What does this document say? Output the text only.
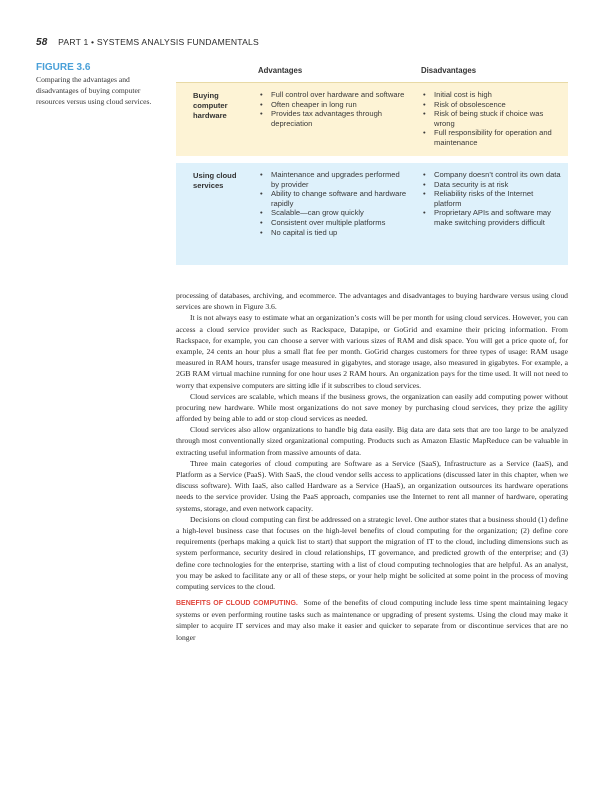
58 PART 1 • SYSTEMS ANALYSIS FUNDAMENTALS
FIGURE 3.6
Comparing the advantages and disadvantages of buying computer resources versus using cloud services.
Advantages	Disadvantages
Buying
computer
hardware
• Full control over hardware and software
• Often cheaper in long run
• Provides tax advantages through depreciation
• Initial cost is high
• Risk of obsolescence
• Risk of being stuck if choice was wrong
• Full responsibility for operation and maintenance
Using cloud
services
• Maintenance and upgrades performed by provider
• Ability to change software and hardware rapidly
• Scalable—can grow quickly
• Consistent over multiple platforms
• No capital is tied up
• Company doesn’t control its own data
• Data security is at risk
• Reliability risks of the Internet platform
• Proprietary APIs and software may make switching providers difficult

processing of databases, archiving, and ecommerce. The advantages and disadvantages to buying hardware versus using cloud services are shown in Figure 3.6.

It is not always easy to estimate what an organization’s costs will be per month for using cloud services. However, you can access a cloud service provider such as Rackspace, Datapipe, or GoGrid and examine their pricing information. From Rackspace, for example, you can choose a server with various sizes of RAM and disk space. You will get a price quote of, for example, 24 cents an hour plus a small flat fee per month. GoGrid charges customers for three types of usage: RAM usage measured in RAM hours, transfer usage measured in gigabytes, and storage usage, also measured in gigabytes. For example, a 2GB RAM virtual machine running for one hour uses 2 RAM hours. An organization pays for the time used. It will not need to worry that expensive computers are sitting idle if it subscribes to cloud services.

Cloud services are scalable, which means if the business grows, the organization can easily add computing power without procuring new hardware. While most organizations do not save money by purchasing cloud services, they prize the agility afforded by being able to add or stop cloud services as needed.

Cloud services also allow organizations to handle big data easily. Big data are data sets that are too large to be analyzed through most conventionally sized organizational computing. Products such as Amazon Elastic MapReduce can be valuable in extracting useful information from massive amounts of data.

Three main categories of cloud computing are Software as a Service (SaaS), Infrastructure as a Service (IaaS), and Platform as a Service (PaaS). With SaaS, the cloud vendor sells access to applications (discussed later in this chapter, when we discuss software). With IaaS, also called Hardware as a Service (HaaS), an organization outsources its hardware operations needs to the service provider. Using the PaaS approach, companies use the Internet to rent all manner of hardware, operating systems, storage, and even network capacity.

Decisions on cloud computing can first be addressed on a strategic level. One author states that a business should (1) define a high-level business case that focuses on the high-level benefits of cloud computing for the organization; (2) define core requirements (perhaps making a quick list to start) that support the migration of IT to the cloud, including dimensions such as system performance, security desired in cloud relationships, IT governance, and predicted growth of the enterprise; and (3) define core technologies for the enterprise, starting with a list of cloud computing technologies that are helpful. As an analyst, you may be asked to facilitate any or all of these steps, or your help might be solicited at some point in the process of moving computing services to the cloud.

BENEFITS OF CLOUD COMPUTING. Some of the benefits of cloud computing include less time spent maintaining legacy systems or even performing routine tasks such as maintenance or upgrading of present systems. Using the cloud may make it simpler to acquire IT services and may also make it easier and quicker to separate from or discontinue services that are no longer
